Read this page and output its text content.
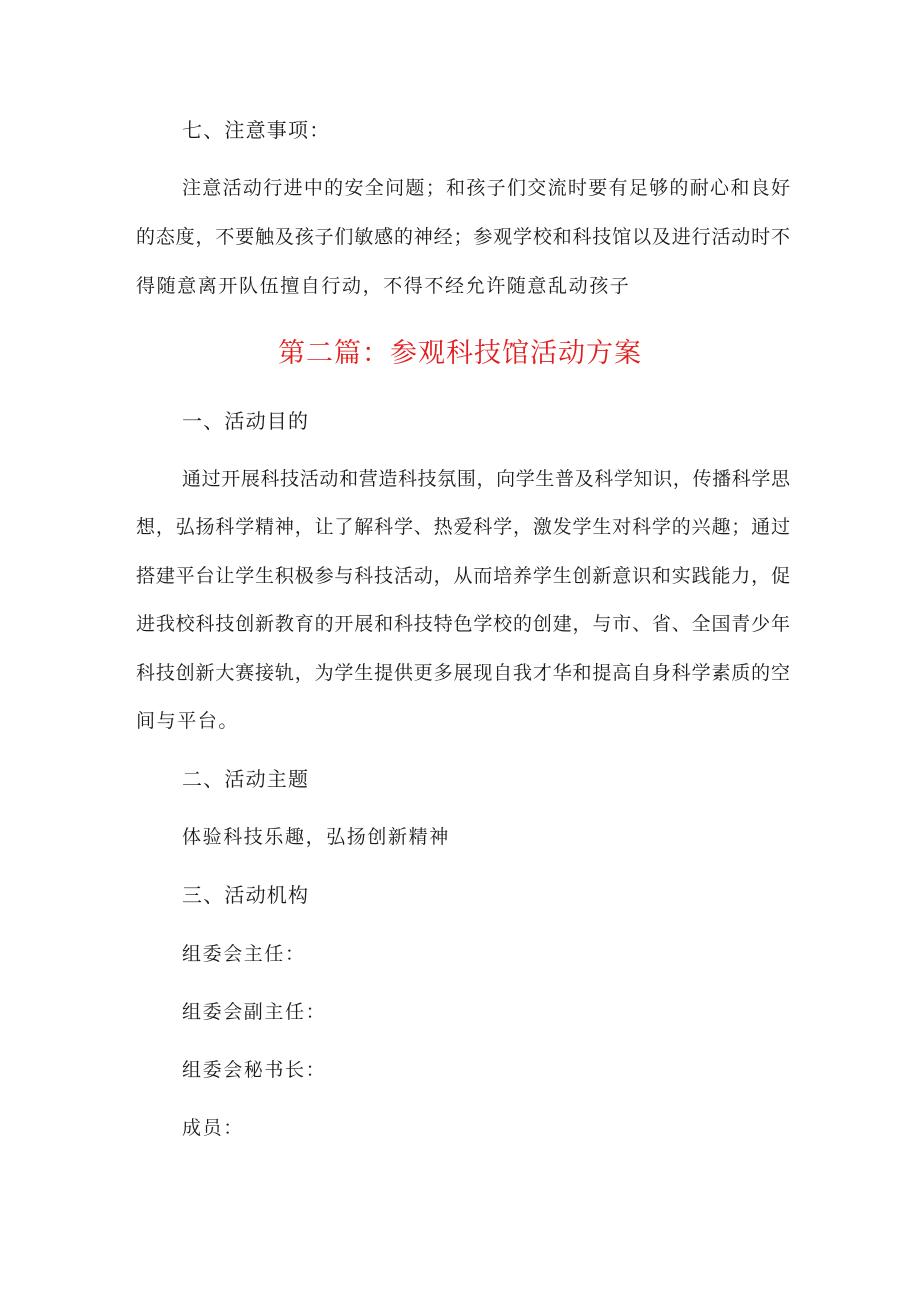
七、注意事项：
注意活动行进中的安全问题；和孩子们交流时要有足够的耐心和良好
的态度，不要触及孩子们敏感的神经；参观学校和科技馆以及进行活动时不
得随意离开队伍擅自行动，不得不经允许随意乱动孩子
第二篇：参观科技馆活动方案
一、活动目的
通过开展科技活动和营造科技氛围，向学生普及科学知识，传播科学思
想，弘扬科学精神，让了解科学、热爱科学，激发学生对科学的兴趣；通过
搭建平台让学生积极参与科技活动，从而培养学生创新意识和实践能力，促
进我校科技创新教育的开展和科技特色学校的创建，与市、省、全国青少年
科技创新大赛接轨，为学生提供更多展现自我才华和提高自身科学素质的空
间与平台。
二、活动主题
体验科技乐趣，弘扬创新精神
三、活动机构
组委会主任：
组委会副主任：
组委会秘书长：
成员：
